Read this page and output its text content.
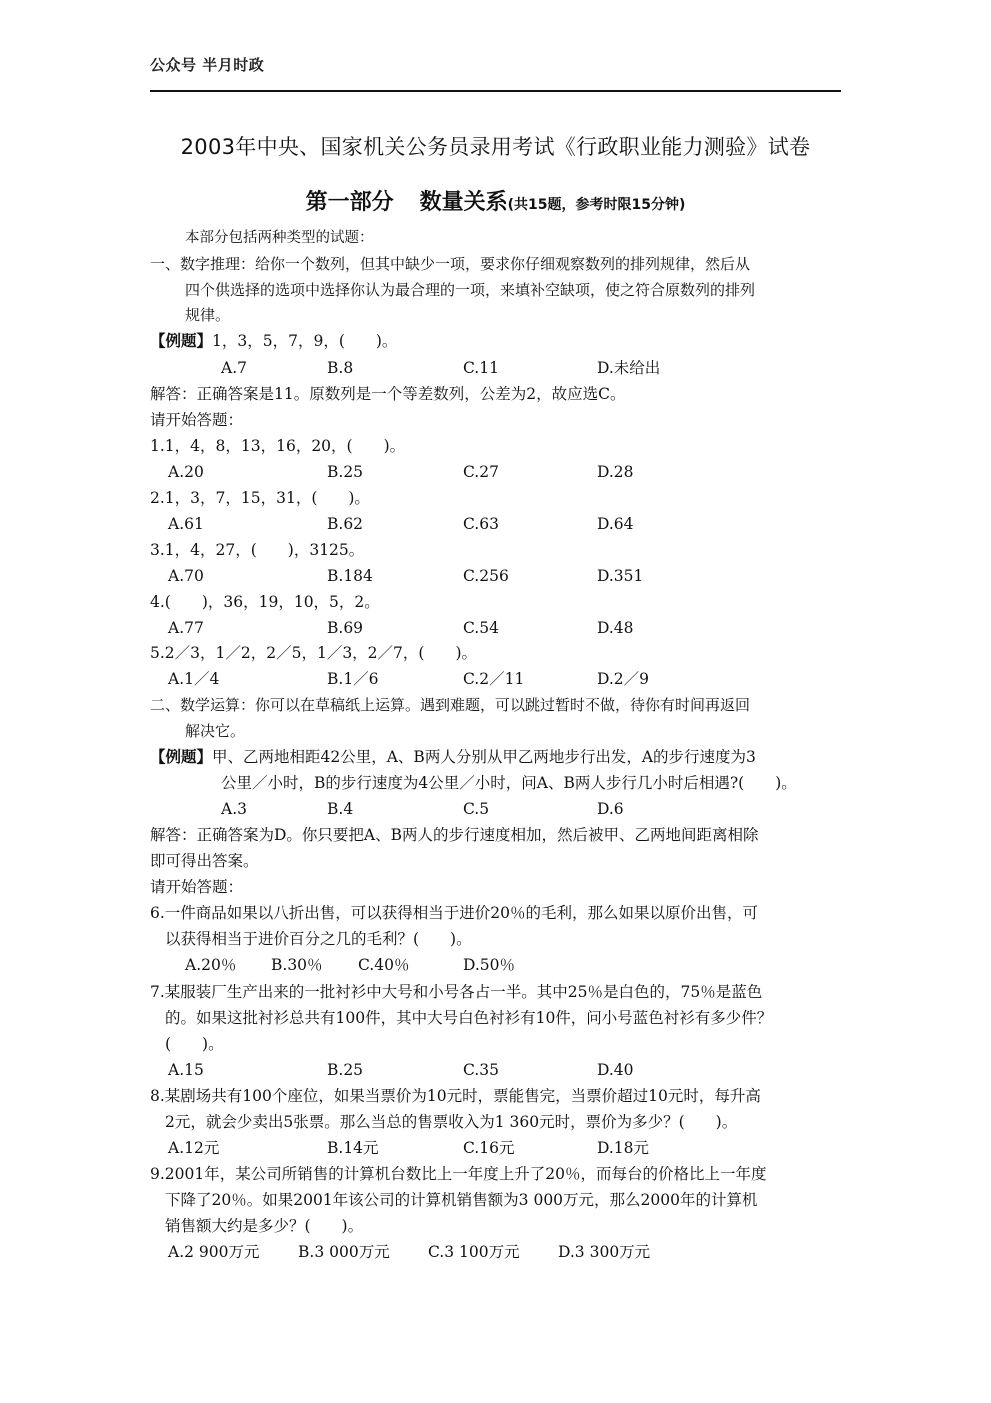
公众号 半月时政
2003年中央、国家机关公务员录用考试《行政职业能力测验》试卷
第一部分 数量关系(共15题，参考时限15分钟)
本部分包括两种类型的试题：
一、数字推理：给你一个数列，但其中缺少一项，要求你仔细观察数列的排列规律，然后从
四个供选择的选项中选择你认为最合理的一项，来填补空缺项，使之符合原数列的排列
规律。
【例题】1，3，5，7，9，(　　)。
A.7	B.8	C.11	D.未给出
解答：正确答案是11。原数列是一个等差数列，公差为2，故应选C。
请开始答题：
1.1，4，8，13，16，20，(　　)。
A.20	B.25	C.27	D.28
2.1，3，7，15，31，(　　)。
A.61	B.62	C.63	D.64
3.1，4，27，(　　)，3125。
A.70	B.184	C.256	D.351
4.(　　)，36，19，10，5，2。
A.77	B.69	C.54	D.48
5.2／3，1／2，2／5，1／3，2／7，(　　)。
A.1／4	B.1／6	C.2／11	D.2／9
二、数学运算：你可以在草稿纸上运算。遇到难题，可以跳过暂时不做，待你有时间再返回
解决它。
【例题】甲、乙两地相距42公里，A、B两人分别从甲乙两地步行出发，A的步行速度为3
公里／小时，B的步行速度为4公里／小时，问A、B两人步行几小时后相遇?(　　)。
A.3	B.4	C.5	D.6
解答：正确答案为D。你只要把A、B两人的步行速度相加，然后被甲、乙两地间距离相除
即可得出答案。
请开始答题：
6.一件商品如果以八折出售，可以获得相当于进价20％的毛利，那么如果以原价出售，可
以获得相当于进价百分之几的毛利？(　　)。
A.20％ B.30％ C.40％	D.50％
7.某服装厂生产出来的一批衬衫中大号和小号各占一半。其中25％是白色的，75％是蓝色
的。如果这批衬衫总共有100件，其中大号白色衬衫有10件，问小号蓝色衬衫有多少件？
(　　)。
A.15	B.25	C.35	D.40
8.某剧场共有100个座位，如果当票价为10元时，票能售完，当票价超过10元时，每升高
2元，就会少卖出5张票。那么当总的售票收入为1 360元时，票价为多少？(　　)。
A.12元	B.14元	C.16元	D.18元
9.2001年，某公司所销售的计算机台数比上一年度上升了20％，而每台的价格比上一年度
下降了20％。如果2001年该公司的计算机销售额为3 000万元，那么2000年的计算机
销售额大约是多少？(　　)。
A.2 900万元 B.3 000万元 C.3 100万元 D.3 300万元
